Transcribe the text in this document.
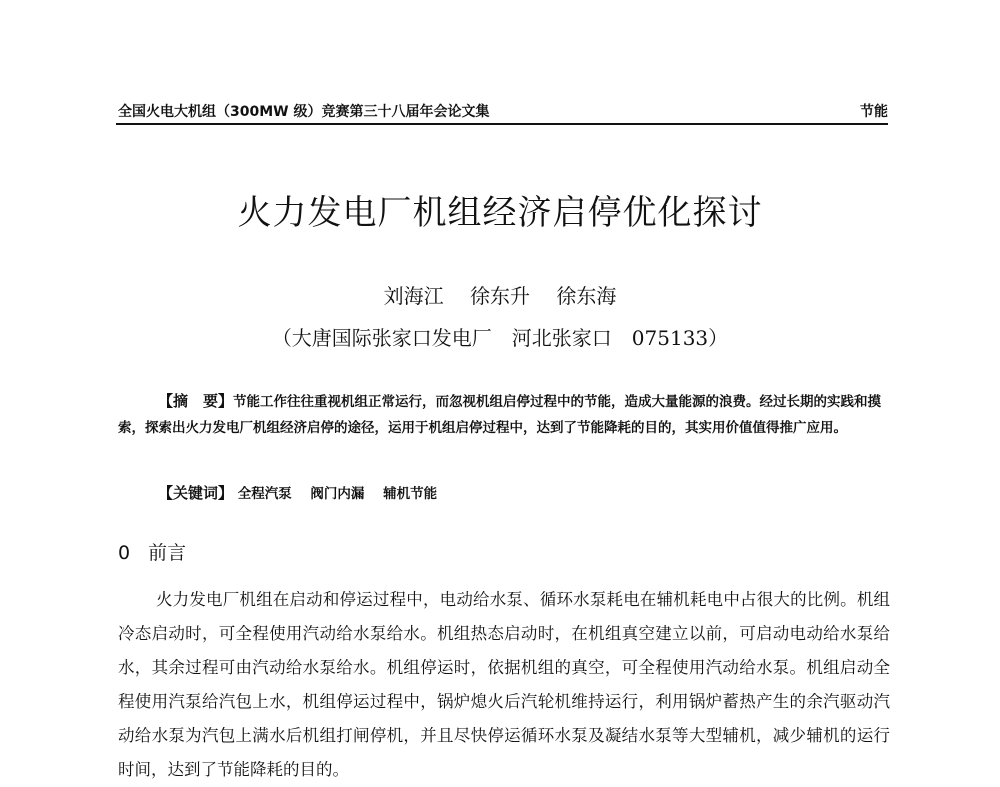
全国火电大机组（300MW 级）竞赛第三十八届年会论文集	节能
火力发电厂机组经济启停优化探讨
刘海江 徐东升 徐东海
（大唐国际张家口发电厂　河北张家口　075133）
【摘　要】节能工作往往重视机组正常运行，而忽视机组启停过程中的节能，造成大量能源的浪费。经过长期的实践和摸索，探索出火力发电厂机组经济启停的途径，运用于机组启停过程中，达到了节能降耗的目的，其实用价值值得推广应用。
【关键词】 全程汽泵 阀门内漏 辅机节能
0 前言
火力发电厂机组在启动和停运过程中，电动给水泵、循环水泵耗电在辅机耗电中占很大的比例。机组冷态启动时，可全程使用汽动给水泵给水。机组热态启动时，在机组真空建立以前，可启动电动给水泵给水，其余过程可由汽动给水泵给水。机组停运时，依据机组的真空，可全程使用汽动给水泵。机组启动全程使用汽泵给汽包上水，机组停运过程中，锅炉熄火后汽轮机维持运行，利用锅炉蓄热产生的余汽驱动汽动给水泵为汽包上满水后机组打闸停机，并且尽快停运循环水泵及凝结水泵等大型辅机，减少辅机的运行时间，达到了节能降耗的目的。
